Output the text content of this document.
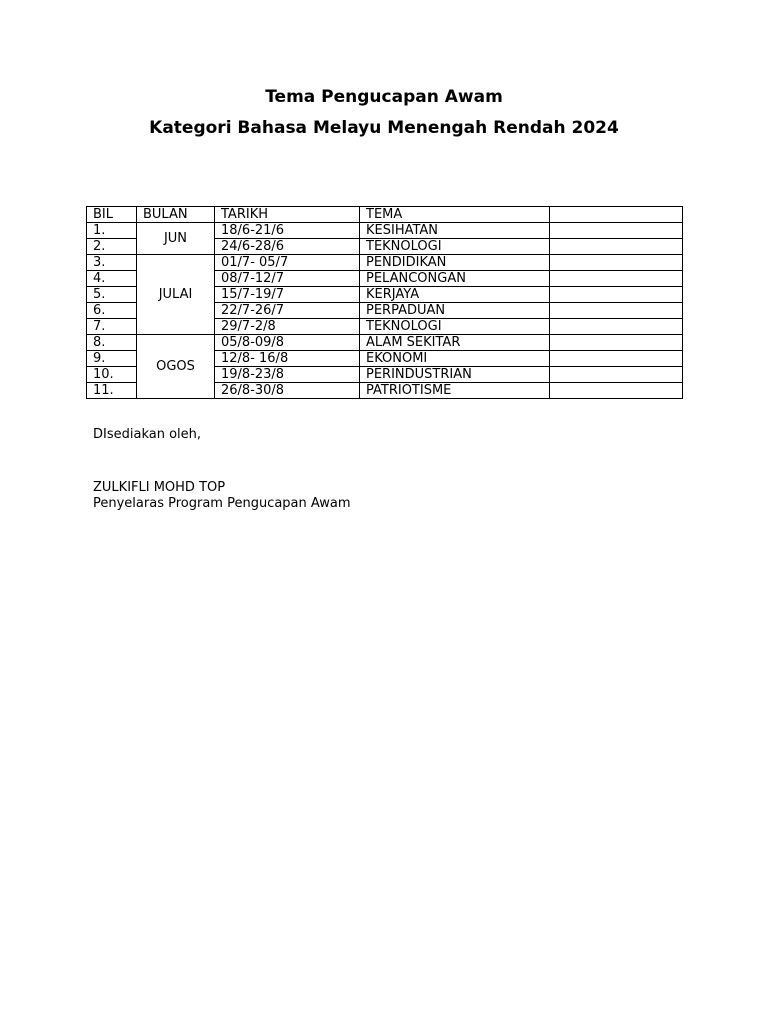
Tema Pengucapan Awam
Kategori Bahasa Melayu Menengah Rendah 2024
BIL	BULAN	TARIKH	TEMA	
1.	JUN	18/6-21/6	KESIHATAN	
2.		24/6-28/6	TEKNOLOGI	
3.	JULAI	01/7- 05/7	PENDIDIKAN	
4.		08/7-12/7	PELANCONGAN	
5.		15/7-19/7	KERJAYA	
6.		22/7-26/7	PERPADUAN	
7.		29/7-2/8	TEKNOLOGI	
8.	OGOS	05/8-09/8	ALAM SEKITAR	
9.		12/8- 16/8	EKONOMI	
10.		19/8-23/8	PERINDUSTRIAN	
11.		26/8-30/8	PATRIOTISME	

DIsediakan oleh,

ZULKIFLI MOHD TOP

Penyelaras Program Pengucapan Awam
